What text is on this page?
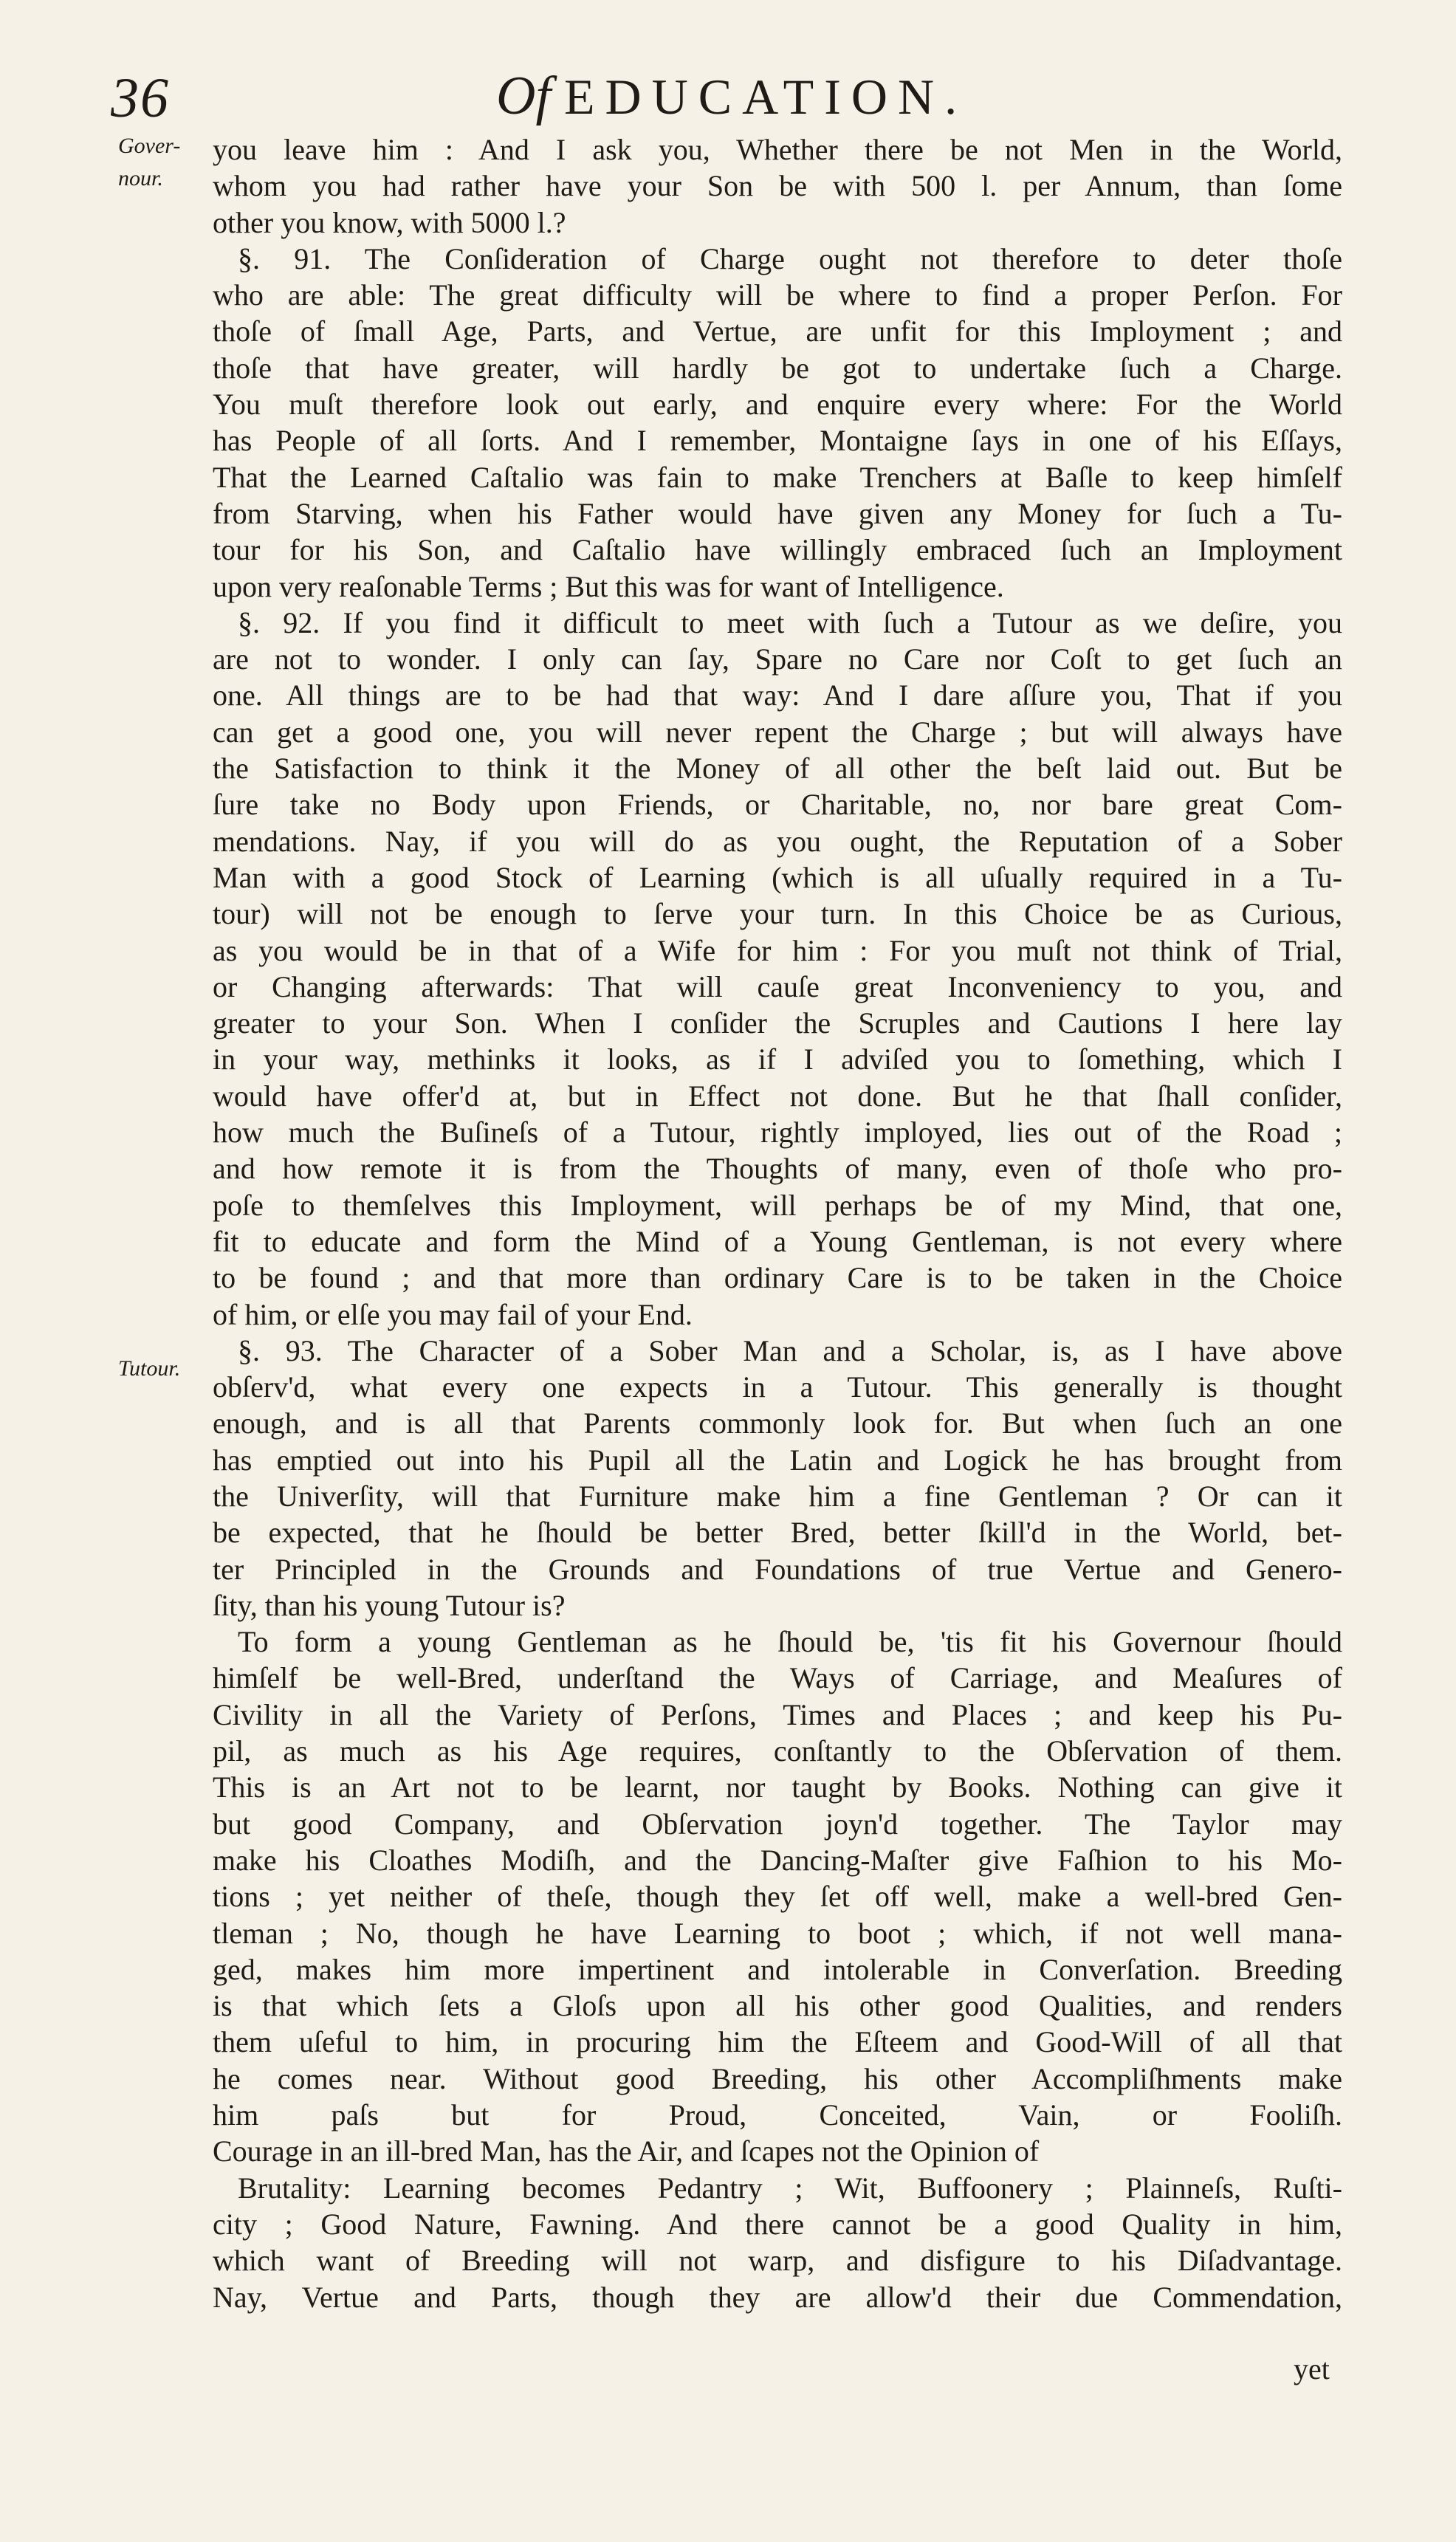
36	Of EDUCATION.
Gover-
nour.
Tutour.
you leave him : And I ask you, Whether there be not Men in the World,
whom you had rather have your Son be with 500 l. per Annum, than ſome
other you know, with 5000 l.?
§. 91. The Conſideration of Charge ought not therefore to deter thoſe
who are able: The great difficulty will be where to find a proper Perſon. For
thoſe of ſmall Age, Parts, and Vertue, are unfit for this Imployment ; and
thoſe that have greater, will hardly be got to undertake ſuch a Charge.
You muſt therefore look out early, and enquire every where: For the World
has People of all ſorts. And I remember, Montaigne ſays in one of his Eſſays,
That the Learned Caſtalio was fain to make Trenchers at Baſle to keep himſelf
from Starving, when his Father would have given any Money for ſuch a Tu-
tour for his Son, and Caſtalio have willingly embraced ſuch an Imployment
upon very reaſonable Terms ; But this was for want of Intelligence.
§. 92. If you find it difficult to meet with ſuch a Tutour as we deſire, you
are not to wonder. I only can ſay, Spare no Care nor Coſt to get ſuch an
one. All things are to be had that way: And I dare aſſure you, That if you
can get a good one, you will never repent the Charge ; but will always have
the Satisfaction to think it the Money of all other the beſt laid out. But be
ſure take no Body upon Friends, or Charitable, no, nor bare great Com-
mendations. Nay, if you will do as you ought, the Reputation of a Sober
Man with a good Stock of Learning (which is all uſually required in a Tu-
tour) will not be enough to ſerve your turn. In this Choice be as Curious,
as you would be in that of a Wife for him : For you muſt not think of Trial,
or Changing afterwards: That will cauſe great Inconveniency to you, and
greater to your Son. When I conſider the Scruples and Cautions I here lay
in your way, methinks it looks, as if I adviſed you to ſomething, which I
would have offer'd at, but in Effect not done. But he that ſhall conſider,
how much the Buſineſs of a Tutour, rightly imployed, lies out of the Road ;
and how remote it is from the Thoughts of many, even of thoſe who pro-
poſe to themſelves this Imployment, will perhaps be of my Mind, that one,
fit to educate and form the Mind of a Young Gentleman, is not every where
to be found ; and that more than ordinary Care is to be taken in the Choice
of him, or elſe you may fail of your End.
§. 93. The Character of a Sober Man and a Scholar, is, as I have above
obſerv'd, what every one expects in a Tutour. This generally is thought
enough, and is all that Parents commonly look for. But when ſuch an one
has emptied out into his Pupil all the Latin and Logick he has brought from
the Univerſity, will that Furniture make him a fine Gentleman ? Or can it
be expected, that he ſhould be better Bred, better ſkill'd in the World, bet-
ter Principled in the Grounds and Foundations of true Vertue and Genero-
ſity, than his young Tutour is?
To form a young Gentleman as he ſhould be, 'tis fit his Governour ſhould
himſelf be well-Bred, underſtand the Ways of Carriage, and Meaſures of
Civility in all the Variety of Perſons, Times and Places ; and keep his Pu-
pil, as much as his Age requires, conſtantly to the Obſervation of them.
This is an Art not to be learnt, nor taught by Books. Nothing can give it
but good Company, and Obſervation joyn'd together. The Taylor may
make his Cloathes Modiſh, and the Dancing-Maſter give Faſhion to his Mo-
tions ; yet neither of theſe, though they ſet off well, make a well-bred Gen-
tleman ; No, though he have Learning to boot ; which, if not well mana-
ged, makes him more impertinent and intolerable in Converſation. Breeding
is that which ſets a Gloſs upon all his other good Qualities, and renders
them uſeful to him, in procuring him the Eſteem and Good-Will of all that
he comes near. Without good Breeding, his other Accompliſhments make
him paſs but for Proud, Conceited, Vain, or Fooliſh.
Courage in an ill-bred Man, has the Air, and ſcapes not the Opinion of
Brutality: Learning becomes Pedantry ; Wit, Buffoonery ; Plainneſs, Ruſti-
city ; Good Nature, Fawning. And there cannot be a good Quality in him,
which want of Breeding will not warp, and disfigure to his Diſadvantage.
Nay, Vertue and Parts, though they are allow'd their due Commendation,
yet
